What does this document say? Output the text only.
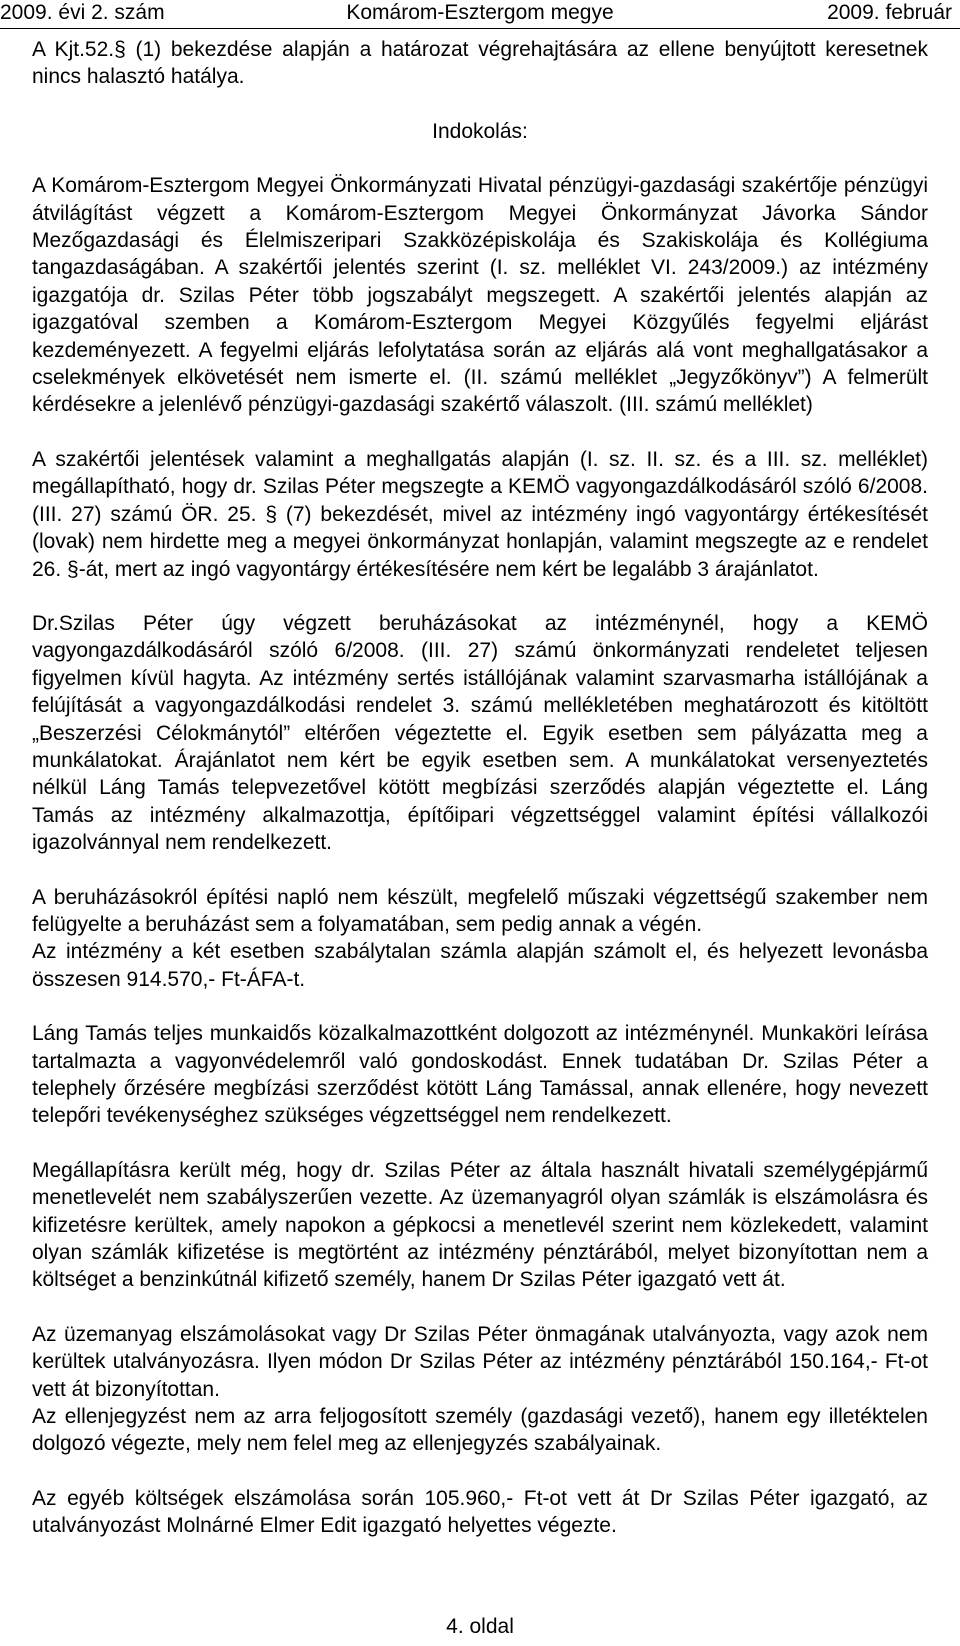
2009. évi 2. szám	Komárom-Esztergom megye	2009. február

A Kjt.52.§ (1) bekezdése alapján a határozat végrehajtására az ellene benyújtott keresetnek nincs halasztó hatálya.

Indokolás:

A Komárom-Esztergom Megyei Önkormányzati Hivatal pénzügyi-gazdasági szakértője pénzügyi átvilágítást végzett a Komárom-Esztergom Megyei Önkormányzat Jávorka Sándor Mezőgazdasági és Élelmiszeripari Szakközépiskolája és Szakiskolája és Kollégiuma tangazdaságában. A szakértői jelentés szerint (I. sz. melléklet VI. 243/2009.) az intézmény igazgatója dr. Szilas Péter több jogszabályt megszegett. A szakértői jelentés alapján az igazgatóval szemben a Komárom-Esztergom Megyei Közgyűlés fegyelmi eljárást kezdeményezett. A fegyelmi eljárás lefolytatása során az eljárás alá vont meghallgatásakor a cselekmények elkövetését nem ismerte el. (II. számú melléklet „Jegyzőkönyv”) A felmerült kérdésekre a jelenlévő pénzügyi-gazdasági szakértő válaszolt. (III. számú melléklet)

A szakértői jelentések valamint a meghallgatás alapján (I. sz. II. sz. és a III. sz. melléklet) megállapítható, hogy dr. Szilas Péter megszegte a KEMÖ vagyongazdálkodásáról szóló 6/2008.(III. 27) számú ÖR. 25. § (7) bekezdését, mivel az intézmény ingó vagyontárgy értékesítését (lovak) nem hirdette meg a megyei önkormányzat honlapján, valamint megszegte az e rendelet 26. §-át, mert az ingó vagyontárgy értékesítésére nem kért be legalább 3 árajánlatot.

Dr.Szilas Péter úgy végzett beruházásokat az intézménynél, hogy a KEMÖ vagyongazdálkodásáról szóló 6/2008. (III. 27) számú önkormányzati rendeletet teljesen figyelmen kívül hagyta. Az intézmény sertés istállójának valamint szarvasmarha istállójának a felújítását a vagyongazdálkodási rendelet 3. számú mellékletében meghatározott és kitöltött „Beszerzési Célokmánytól” eltérően végeztette el. Egyik esetben sem pályázatta meg a munkálatokat. Árajánlatot nem kért be egyik esetben sem. A munkálatokat versenyeztetés nélkül Láng Tamás telepvezetővel kötött megbízási szerződés alapján végeztette el. Láng Tamás az intézmény alkalmazottja, építőipari végzettséggel valamint építési vállalkozói igazolvánnyal nem rendelkezett.

A beruházásokról építési napló nem készült, megfelelő műszaki végzettségű szakember nem felügyelte a beruházást sem a folyamatában, sem pedig annak a végén.

Az intézmény a két esetben szabálytalan számla alapján számolt el, és helyezett levonásba összesen 914.570,- Ft-ÁFA-t.

Láng Tamás teljes munkaidős közalkalmazottként dolgozott az intézménynél. Munkaköri leírása tartalmazta a vagyonvédelemről való gondoskodást. Ennek tudatában Dr. Szilas Péter a telephely őrzésére megbízási szerződést kötött Láng Tamással, annak ellenére, hogy nevezett telepőri tevékenységhez szükséges végzettséggel nem rendelkezett.

Megállapításra került még, hogy dr. Szilas Péter az általa használt hivatali személygépjármű menetlevelét nem szabályszerűen vezette. Az üzemanyagról olyan számlák is elszámolásra és kifizetésre kerültek, amely napokon a gépkocsi a menetlevél szerint nem közlekedett, valamint olyan számlák kifizetése is megtörtént az intézmény pénztárából, melyet bizonyítottan nem a költséget a benzinkútnál kifizető személy, hanem Dr Szilas Péter igazgató vett át.

Az üzemanyag elszámolásokat vagy Dr Szilas Péter önmagának utalványozta, vagy azok nem kerültek utalványozásra. Ilyen módon Dr Szilas Péter az intézmény pénztárából 150.164,- Ft-ot vett át bizonyítottan.

Az ellenjegyzést nem az arra feljogosított személy (gazdasági vezető), hanem egy illetéktelen dolgozó végezte, mely nem felel meg az ellenjegyzés szabályainak.

Az egyéb költségek elszámolása során 105.960,- Ft-ot vett át Dr Szilas Péter igazgató, az utalványozást Molnárné Elmer Edit igazgató helyettes végezte.

4. oldal
